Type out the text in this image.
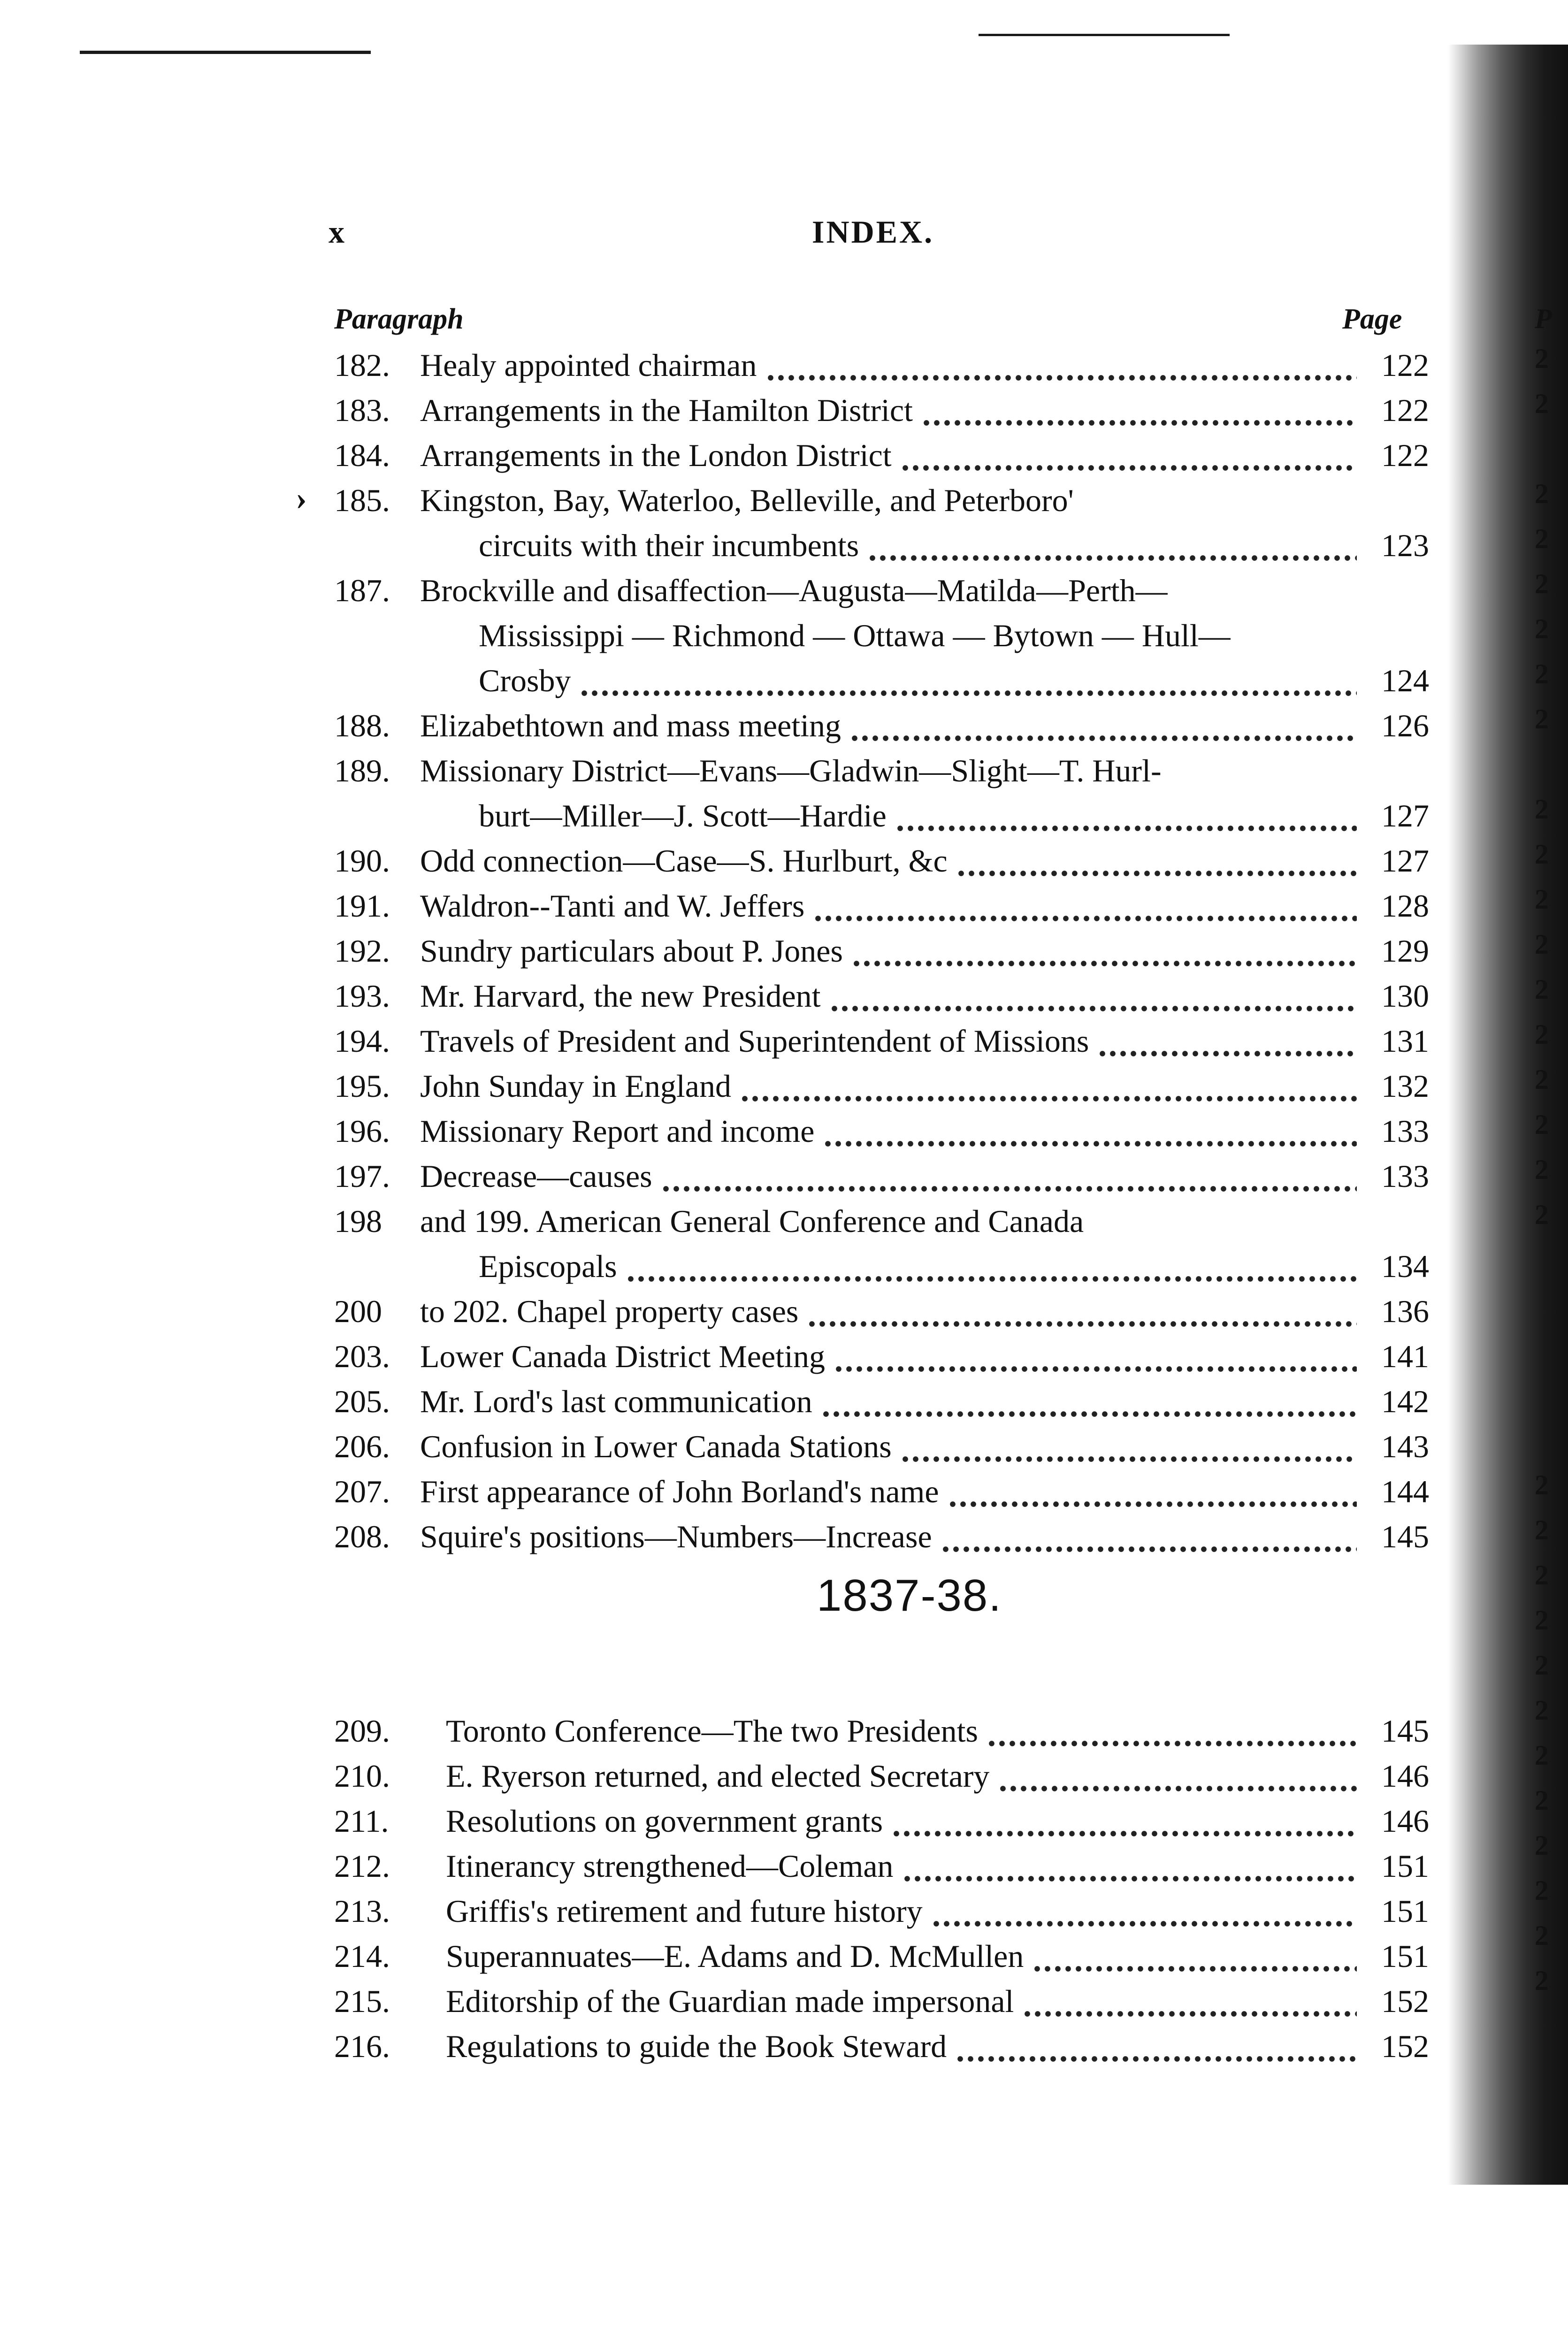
x	INDEX.
Paragraph	Page
›
182. Healy appointed chairman	122
183. Arrangements in the Hamilton District	122
184. Arrangements in the London District	122
185. Kingston, Bay, Waterloo, Belleville, and Peterboro'
circuits with their incumbents	123
187. Brockville and disaffection—Augusta—Matilda—Perth—
Mississippi — Richmond — Ottawa — Bytown — Hull—
Crosby	124
188. Elizabethtown and mass meeting	126
189. Missionary District—Evans—Gladwin—Slight—T. Hurl-
burt—Miller—J. Scott—Hardie	127
190. Odd connection—Case—S. Hurlburt, &c	127
191. Waldron--Tanti and W. Jeffers	128
192. Sundry particulars about P. Jones	129
193. Mr. Harvard, the new President	130
194. Travels of President and Superintendent of Missions	131
195. John Sunday in England	132
196. Missionary Report and income	133
197. Decrease—causes	133
198 and 199. American General Conference and Canada
Episcopals	134
200 to 202. Chapel property cases	136
203. Lower Canada District Meeting	141
205. Mr. Lord's last communication	142
206. Confusion in Lower Canada Stations	143
207. First appearance of John Borland's name	144
208. Squire's positions—Numbers—Increase	145
1837-38.
209. Toronto Conference—The two Presidents	145
210. E. Ryerson returned, and elected Secretary	146
211. Resolutions on government grants	146
212. Itinerancy strengthened—Coleman	151
213. Griffis's retirement and future history	151
214. Superannuates—E. Adams and D. McMullen	151
215. Editorship of the Guardian made impersonal	152
216. Regulations to guide the Book Steward	152
P
2
2
2
2
2
2
2
2
2
2
2
2
2
2
2
2
2
2
2
2
2
2
2
2
2
2
2
2
2
2
